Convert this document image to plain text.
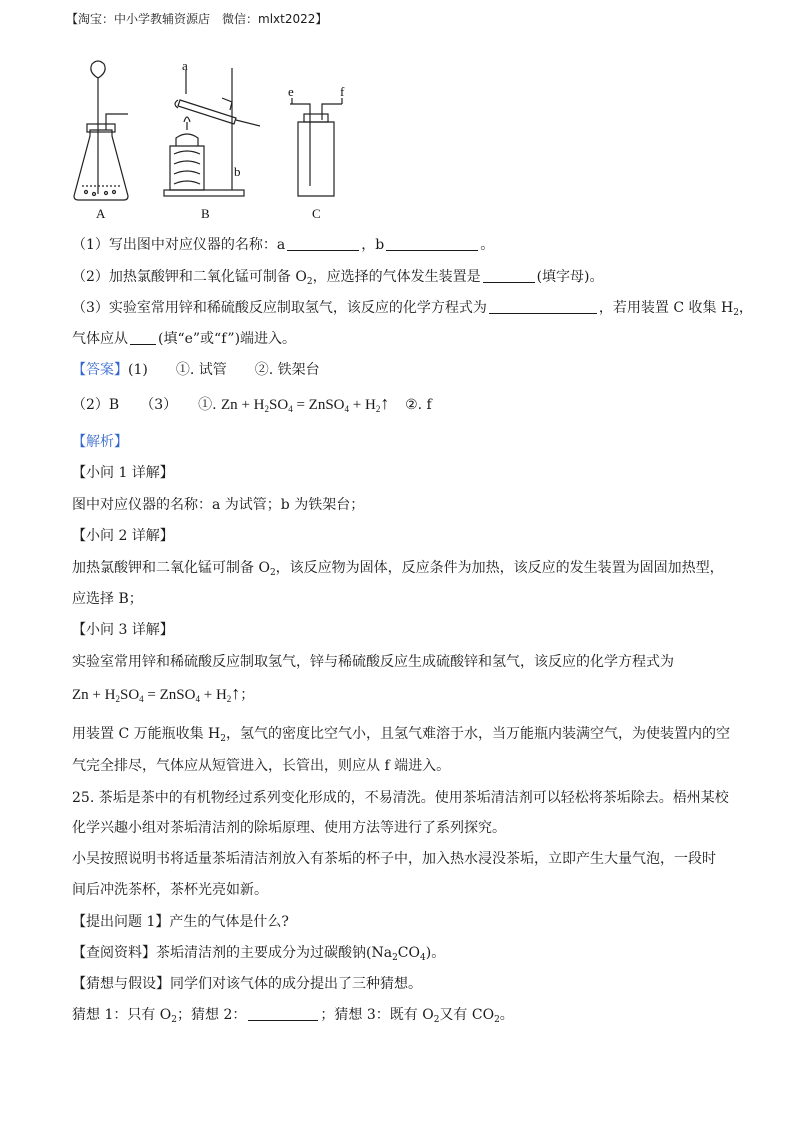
【淘宝：中小学教辅资源店　微信：mlxt2022】
a
b
e	f
A	B	C
（1）写出图中对应仪器的名称：a	，b	。
（2）加热氯酸钾和二氧化锰可制备 $O_2$，应选择的气体发生装置是	(填字母)。
（3）实验室常用锌和稀硫酸反应制取氢气，该反应的化学方程式为	，若用装置 C 收集 $H_2$，
气体应从 (填“e”或“f”)端进入。
【答案】(1)　　①. 试管　　②. 铁架台
（2）B　　（3）　　①. $Zn + H_2SO_4$ = ZnSO$_4$ + $H_2↑$ ②. f
【解析】
【小问 1 详解】
图中对应仪器的名称：a 为试管；b 为铁架台；
【小问 2 详解】
加热氯酸钾和二氧化锰可制备 $O_2$，该反应物为固体，反应条件为加热，该反应的发生装置为固固加热型，
应选择 B；
【小问 3 详解】
实验室常用锌和稀硫酸反应制取氢气，锌与稀硫酸反应生成硫酸锌和氢气，该反应的化学方程式为
$Zn + H_2SO_4$ = ZnSO$_4$ + $H_2↑$；
用装置 C 万能瓶收集 $H_2$，氢气的密度比空气小，且氢气难溶于水，当万能瓶内装满空气，为使装置内的空
气完全排尽，气体应从短管进入，长管出，则应从 f 端进入。
25. 茶垢是茶中的有机物经过系列变化形成的，不易清洗。使用茶垢清洁剂可以轻松将茶垢除去。梧州某校
化学兴趣小组对茶垢清洁剂的除垢原理、使用方法等进行了系列探究。
小吴按照说明书将适量茶垢清洁剂放入有茶垢的杯子中，加入热水浸没茶垢，立即产生大量气泡，一段时
间后冲洗茶杯，茶杯光亮如新。
【提出问题 1】产生的气体是什么?
【查阅资料】茶垢清洁剂的主要成分为过碳酸钠$(Na_2CO_4)$。
【猜想与假设】同学们对该气体的成分提出了三种猜想。
猜想 1：只有 $O_2$；猜想 2：	；猜想 3：既有 $O_2$又有 $CO_2$。
